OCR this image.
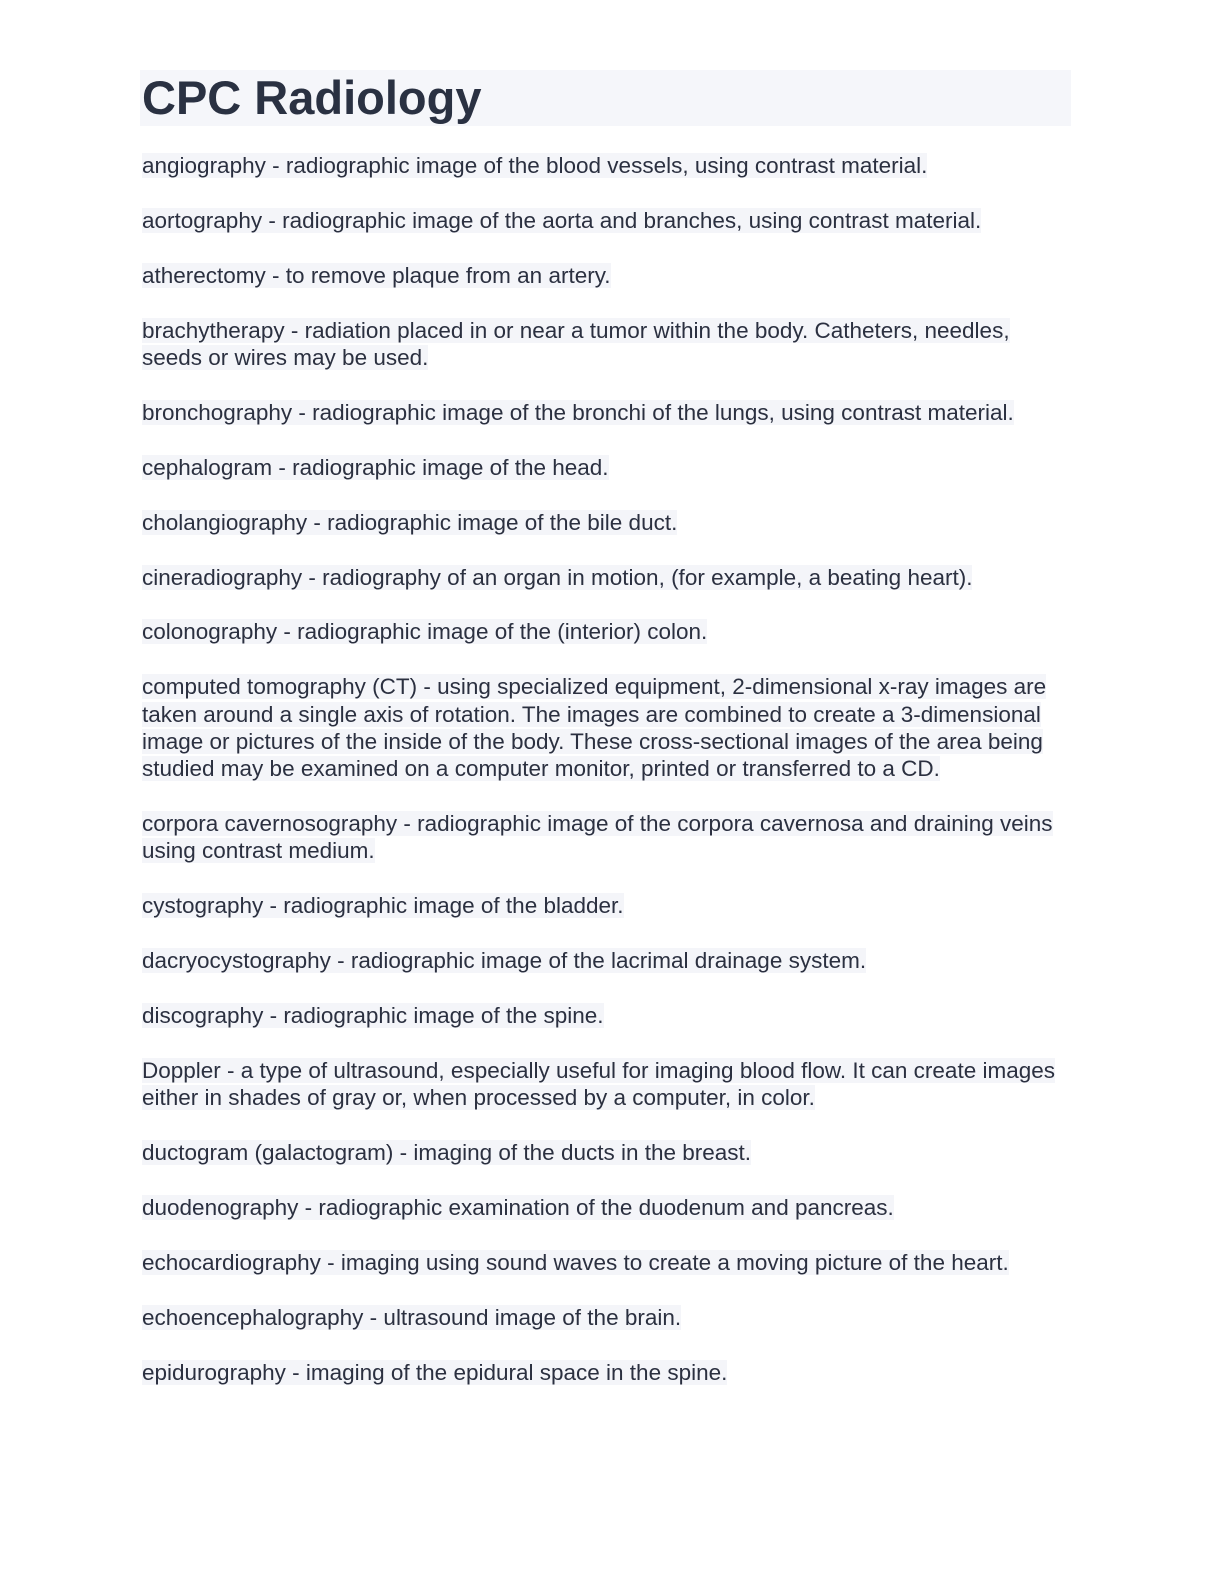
CPC Radiology

angiography - radiographic image of the blood vessels, using contrast material.

aortography - radiographic image of the aorta and branches, using contrast material.

atherectomy - to remove plaque from an artery.

brachytherapy - radiation placed in or near a tumor within the body. Catheters, needles, seeds or wires may be used.

bronchography - radiographic image of the bronchi of the lungs, using contrast material.

cephalogram - radiographic image of the head.

cholangiography - radiographic image of the bile duct.

cineradiography - radiography of an organ in motion, (for example, a beating heart).

colonography - radiographic image of the (interior) colon.

computed tomography (CT) - using specialized equipment, 2-dimensional x-ray images are taken around a single axis of rotation. The images are combined to create a 3-dimensional image or pictures of the inside of the body. These cross-sectional images of the area being studied may be examined on a computer monitor, printed or transferred to a CD.

corpora cavernosography - radiographic image of the corpora cavernosa and draining veins using contrast medium.

cystography - radiographic image of the bladder.

dacryocystography - radiographic image of the lacrimal drainage system.

discography - radiographic image of the spine.

Doppler - a type of ultrasound, especially useful for imaging blood flow. It can create images either in shades of gray or, when processed by a computer, in color.

ductogram (galactogram) - imaging of the ducts in the breast.

duodenography - radiographic examination of the duodenum and pancreas.

echocardiography - imaging using sound waves to create a moving picture of the heart.

echoencephalography - ultrasound image of the brain.

epidurography - imaging of the epidural space in the spine.
